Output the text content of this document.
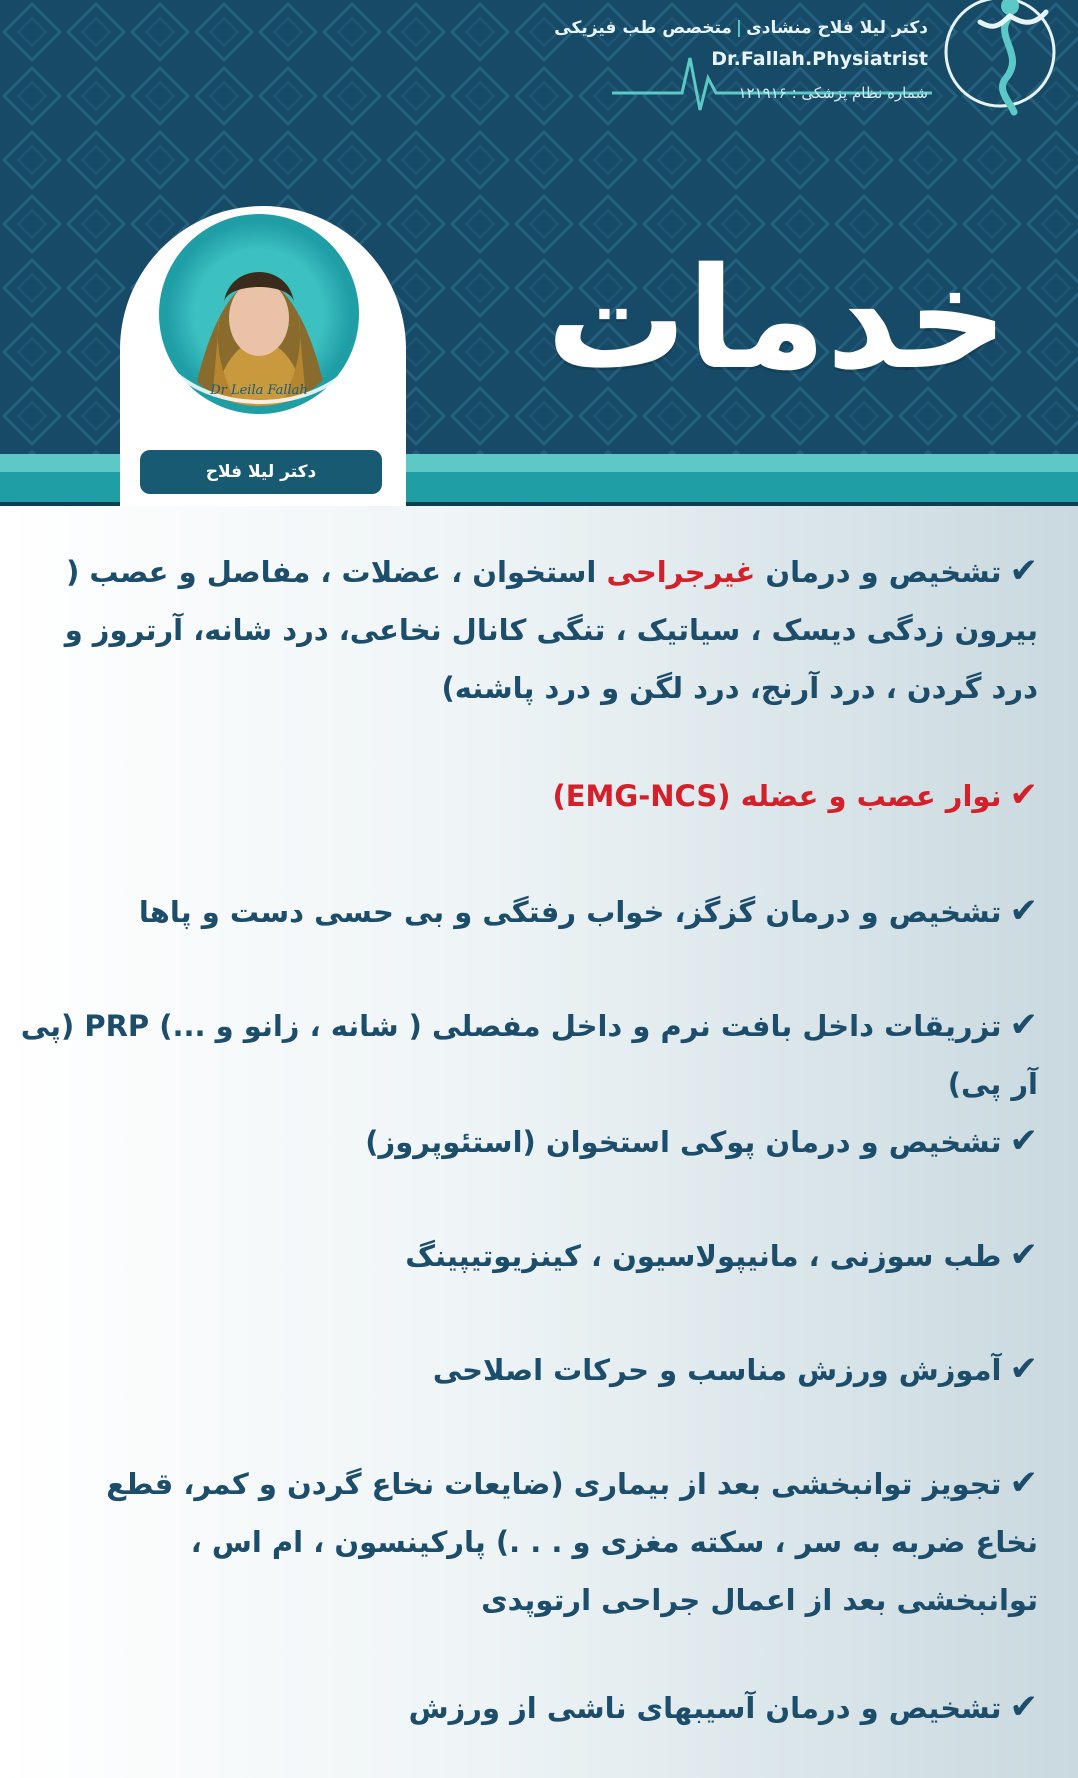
دکتر لیلا فلاح منشادی|متخصص طب فیزیکی
Dr.Fallah.Physiatrist
شماره نظام پزشکی : ۱۲۱۹۱۶
Dr Leila Fallah
دکتر لیلا فلاح
خدمات
✔تشخیص و درمان غیرجراحی استخوان ، عضلات ، مفاصل و عصب ( بیرون زدگی دیسک ، سیاتیک ، تنگی کانال نخاعی، درد شانه، آرتروز و درد گردن ، درد آرنج، درد لگن و درد پاشنه)
✔نوار عصب و عضله (EMG-NCS)
✔تشخیص و درمان گزگز، خواب رفتگی و بی حسی دست و پاها
✔تزریقات داخل بافت نرم و داخل مفصلی ( شانه ، زانو و ...) PRP (پی آر پی)
✔تشخیص و درمان پوکی استخوان (استئوپروز)
✔طب سوزنی ، مانیپولاسیون ، کینزیوتیپینگ
✔آموزش ورزش مناسب و حرکات اصلاحی
✔تجویز توانبخشی بعد از بیماری (ضایعات نخاع گردن و کمر، قطع نخاع ضربه به سر ، سکته مغزی و . . .) پارکینسون ، ام اس ، توانبخشی بعد از اعمال جراحی ارتوپدی
✔تشخیص و درمان آسیبهای ناشی از ورزش
